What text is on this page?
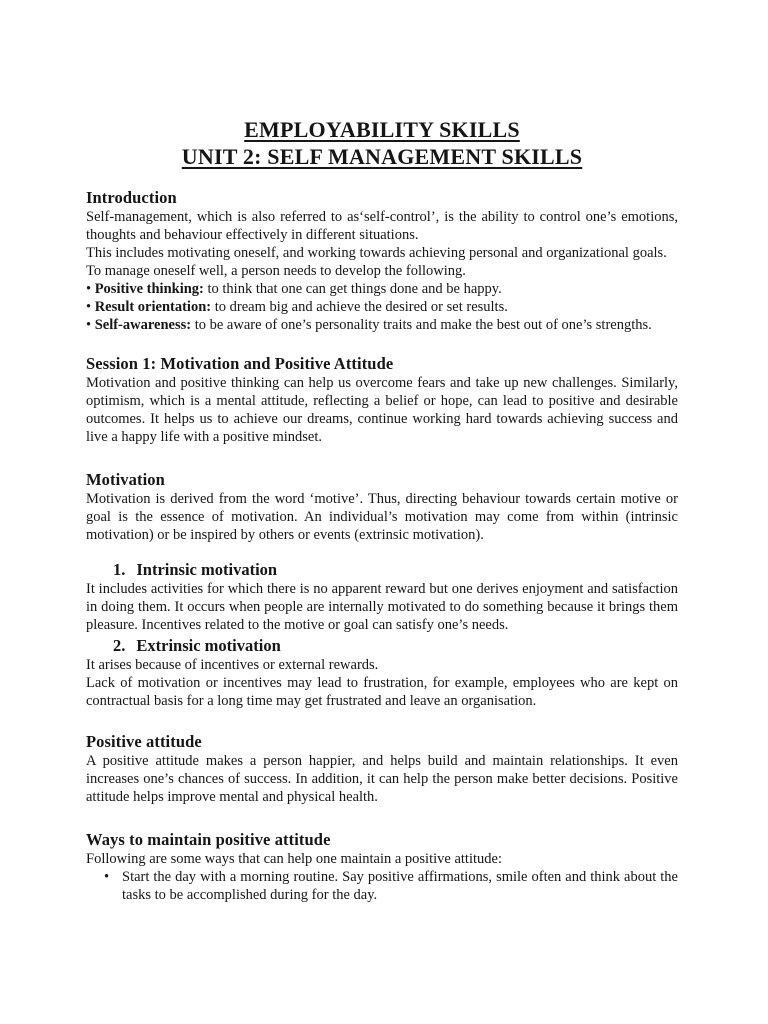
EMPLOYABILITY SKILLS
UNIT 2: SELF MANAGEMENT SKILLS
Introduction

Self-management, which is also referred to as‘self-control’, is the ability to control one’s emotions, thoughts and behaviour effectively in different situations.

This includes motivating oneself, and working towards achieving personal and organizational goals.

To manage oneself well, a person needs to develop the following.

• Positive thinking: to think that one can get things done and be happy.

• Result orientation: to dream big and achieve the desired or set results.

• Self-awareness: to be aware of one’s personality traits and make the best out of one’s strengths.

Session 1: Motivation and Positive Attitude

Motivation and positive thinking can help us overcome fears and take up new challenges. Similarly, optimism, which is a mental attitude, reflecting a belief or hope, can lead to positive and desirable outcomes. It helps us to achieve our dreams, continue working hard towards achieving success and live a happy life with a positive mindset.

Motivation

Motivation is derived from the word ‘motive’. Thus, directing behaviour towards certain motive or goal is the essence of motivation. An individual’s motivation may come from within (intrinsic motivation) or be inspired by others or events (extrinsic motivation).

1. Intrinsic motivation

It includes activities for which there is no apparent reward but one derives enjoyment and satisfaction in doing them. It occurs when people are internally motivated to do something because it brings them pleasure. Incentives related to the motive or goal can satisfy one’s needs.

2. Extrinsic motivation

It arises because of incentives or external rewards.

Lack of motivation or incentives may lead to frustration, for example, employees who are kept on contractual basis for a long time may get frustrated and leave an organisation.

Positive attitude

A positive attitude makes a person happier, and helps build and maintain relationships. It even increases one’s chances of success. In addition, it can help the person make better decisions. Positive attitude helps improve mental and physical health.

Ways to maintain positive attitude

Following are some ways that can help one maintain a positive attitude:

• Start the day with a morning routine. Say positive affirmations, smile often and think about the tasks to be accomplished during for the day.
